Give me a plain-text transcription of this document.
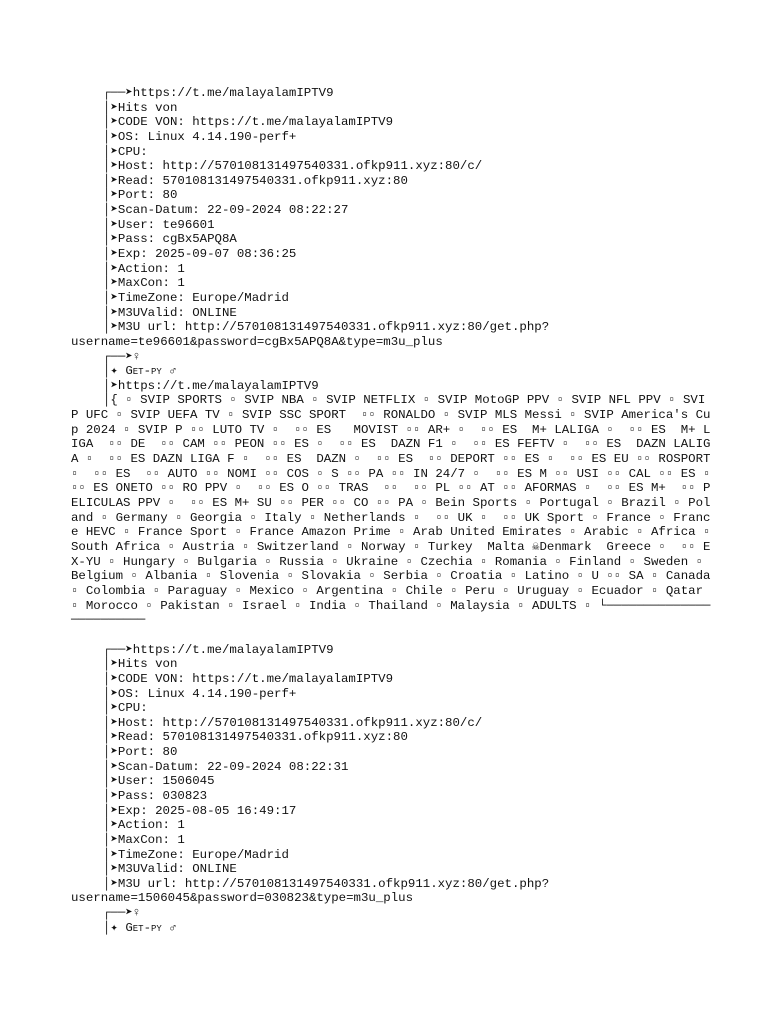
┌──➤https://t.me/malayalamIPTV9
│➤Hits von
│➤CODE VON: https://t.me/malayalamIPTV9
│➤OS: Linux 4.14.190-perf+
│➤CPU:
│➤Host: http://570108131497540331.ofkp911.xyz:80/c/
│➤Read: 570108131497540331.ofkp911.xyz:80
│➤Port: 80
│➤Scan-Datum: 22-09-2024 08:22:27
│➤User: te96601
│➤Pass: cgBx5APQ8A
│➤Exp: 2025-09-07 08:36:25
│➤Action: 1
│➤MaxCon: 1
│➤TimeZone: Europe/Madrid
│➤M3UValid: ONLINE
│➤M3U url: http://570108131497540331.ofkp911.xyz:80/get.php?
username=te96601&password=cgBx5APQ8A&type=m3u_plus
┌──➤♀
│✦ Get-py ♂
│➤https://t.me/malayalamIPTV9
│{ ▫ SVIP SPORTS ▫ SVIP NBA ▫ SVIP NETFLIX ▫ SVIP MotoGP PPV ▫ SVIP NFL PPV ▫ SVIP UFC ▫ SVIP UEFA TV ▫ SVIP SSC SPORT  ▫▫ RONALDO ▫ SVIP MLS Messi ▫ SVIP America's Cup 2024 ▫ SVIP P ▫▫ LUTO TV ▫  ▫▫ ES   MOVIST ▫▫ AR+ ▫  ▫▫ ES  M+ LALIGA ▫  ▫▫ ES  M+ LIGA  ▫▫ DE  ▫▫ CAM ▫▫ PEON ▫▫ ES ▫  ▫▫ ES  DAZN F1 ▫  ▫▫ ES FEFTV ▫  ▫▫ ES  DAZN LALIGA ▫  ▫▫ ES DAZN LIGA F ▫  ▫▫ ES  DAZN ▫  ▫▫ ES  ▫▫ DEPORT ▫▫ ES ▫  ▫▫ ES EU ▫▫ ROSPORT ▫  ▫▫ ES  ▫▫ AUTO ▫▫ NOMI ▫▫ COS ▫ S ▫▫ PA ▫▫ IN 24/7 ▫  ▫▫ ES M ▫▫ USI ▫▫ CAL ▫▫ ES ▫  ▫▫ ES ONETO ▫▫ RO PPV ▫  ▫▫ ES O ▫▫ TRAS  ▫▫  ▫▫ PL ▫▫ AT ▫▫ AFORMAS ▫  ▫▫ ES M+  ▫▫ PELICULAS PPV ▫  ▫▫ ES M+ SU ▫▫ PER ▫▫ CO ▫▫ PA ▫ Bein Sports ▫ Portugal ▫ Brazil ▫ Poland ▫ Germany ▫ Georgia ▫ Italy ▫ Netherlands ▫  ▫▫ UK ▫  ▫▫ UK Sport ▫ France ▫ France HEVC ▫ France Sport ▫ France Amazon Prime ▫ Arab United Emirates ▫ Arabic ▫ Africa ▫ South Africa ▫ Austria ▫ Switzerland ▫ Norway ▫ Turkey  Malta ☠Denmark  Greece ▫  ▫▫ EX-YU ▫ Hungary ▫ Bulgaria ▫ Russia ▫ Ukraine ▫ Czechia ▫ Romania ▫ Finland ▫ Sweden ▫ Belgium ▫ Albania ▫ Slovenia ▫ Slovakia ▫ Serbia ▫ Croatia ▫ Latino ▫ U ▫▫ SA ▫ Canada ▫ Colombia ▫ Paraguay ▫ Mexico ▫ Argentina ▫ Chile ▫ Peru ▫ Uruguay ▫ Ecuador ▫ Qatar ▫ Morocco ▫ Pakistan ▫ Israel ▫ India ▫ Thailand ▫ Malaysia ▫ ADULTS ▫ └────────────────────────
┌──➤https://t.me/malayalamIPTV9
│➤Hits von
│➤CODE VON: https://t.me/malayalamIPTV9
│➤OS: Linux 4.14.190-perf+
│➤CPU:
│➤Host: http://570108131497540331.ofkp911.xyz:80/c/
│➤Read: 570108131497540331.ofkp911.xyz:80
│➤Port: 80
│➤Scan-Datum: 22-09-2024 08:22:31
│➤User: 1506045
│➤Pass: 030823
│➤Exp: 2025-08-05 16:49:17
│➤Action: 1
│➤MaxCon: 1
│➤TimeZone: Europe/Madrid
│➤M3UValid: ONLINE
│➤M3U url: http://570108131497540331.ofkp911.xyz:80/get.php?
username=1506045&password=030823&type=m3u_plus
┌──➤♀
│✦ Get-py ♂
